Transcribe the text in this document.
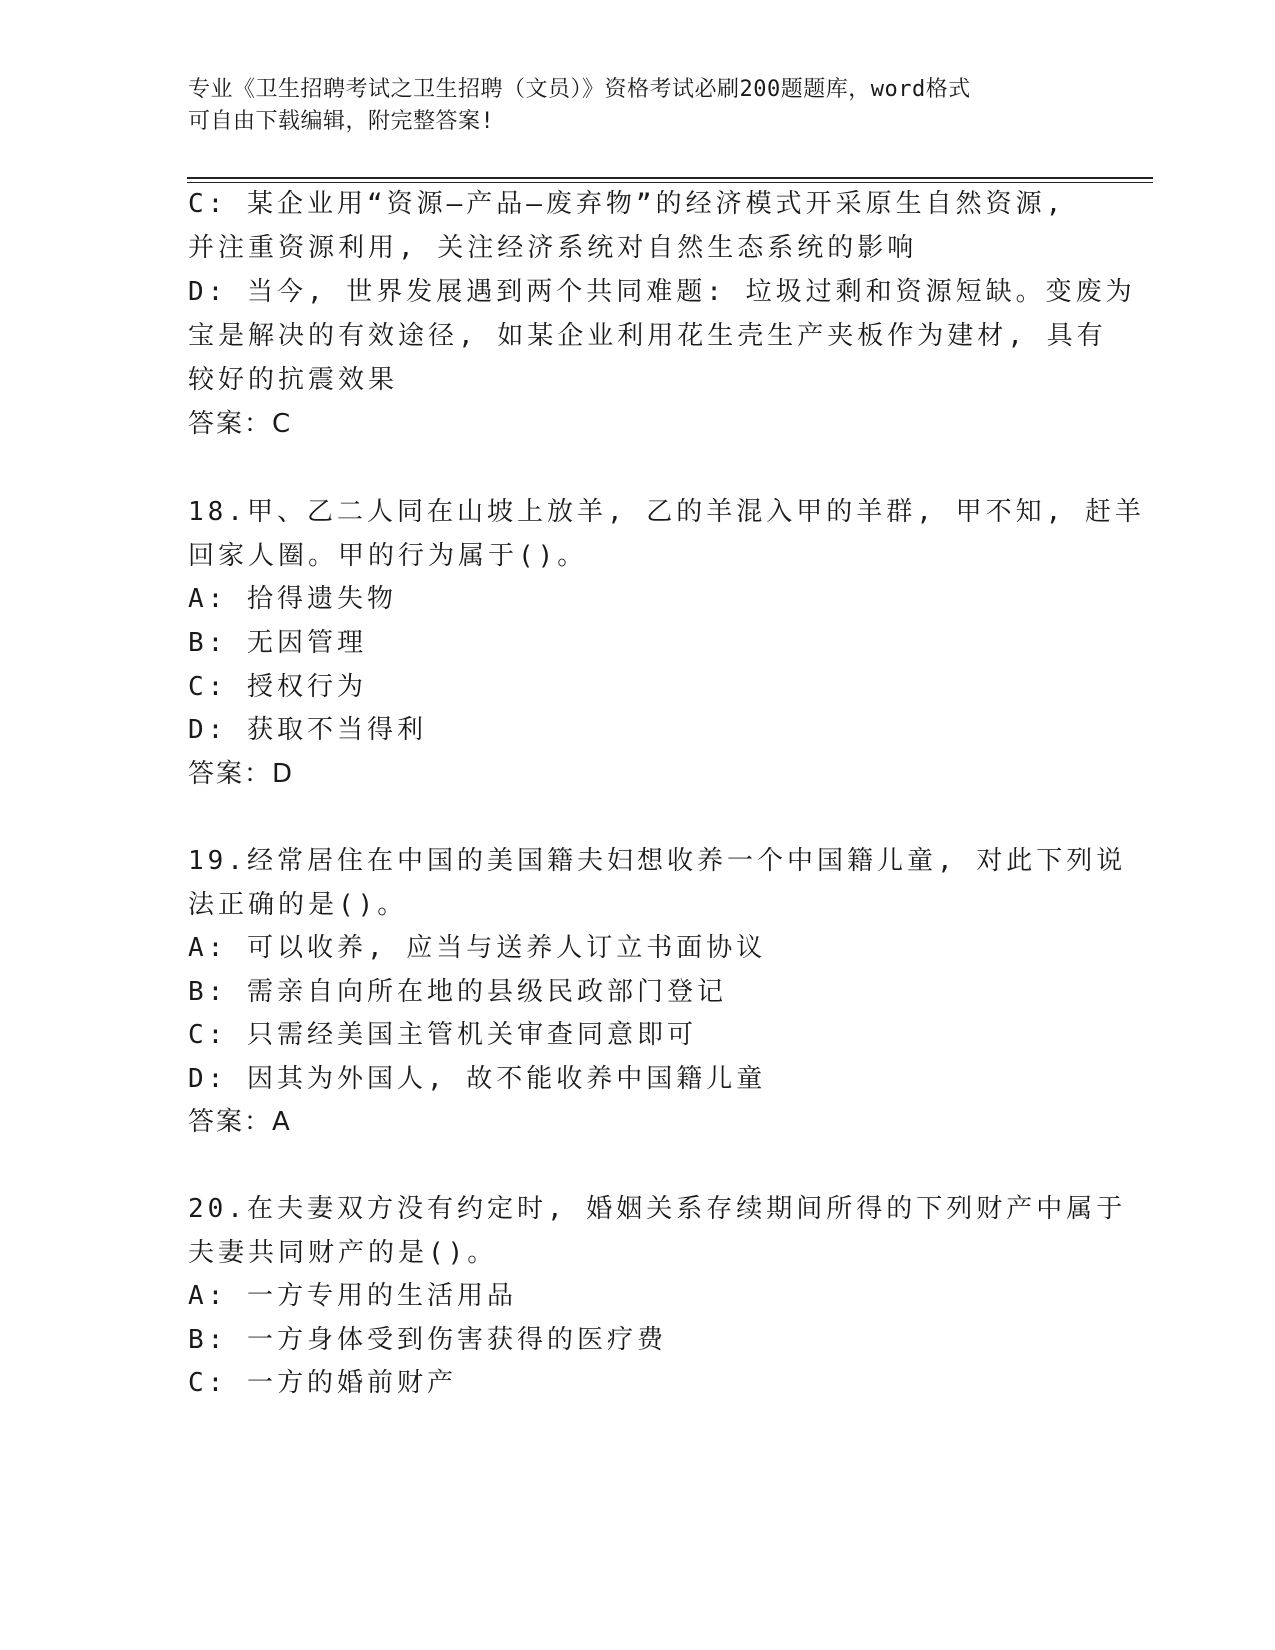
专业《卫生招聘考试之卫生招聘（文员）》资格考试必刷200题题库，word格式
可自由下载编辑，附完整答案!
C: 某企业用“资源—产品—废弃物”的经济模式开采原生自然资源,
并注重资源利用, 关注经济系统对自然生态系统的影响
D: 当今, 世界发展遇到两个共同难题: 垃圾过剩和资源短缺。变废为
宝是解决的有效途径, 如某企业利用花生壳生产夹板作为建材, 具有
较好的抗震效果
答案：C
18.甲、乙二人同在山坡上放羊, 乙的羊混入甲的羊群, 甲不知, 赶羊
回家人圈。甲的行为属于()。
A: 拾得遗失物
B: 无因管理
C: 授权行为
D: 获取不当得利
答案：D
19.经常居住在中国的美国籍夫妇想收养一个中国籍儿童, 对此下列说
法正确的是()。
A: 可以收养, 应当与送养人订立书面协议
B: 需亲自向所在地的县级民政部门登记
C: 只需经美国主管机关审查同意即可
D: 因其为外国人, 故不能收养中国籍儿童
答案：A
20.在夫妻双方没有约定时, 婚姻关系存续期间所得的下列财产中属于
夫妻共同财产的是()。
A: 一方专用的生活用品
B: 一方身体受到伤害获得的医疗费
C: 一方的婚前财产
